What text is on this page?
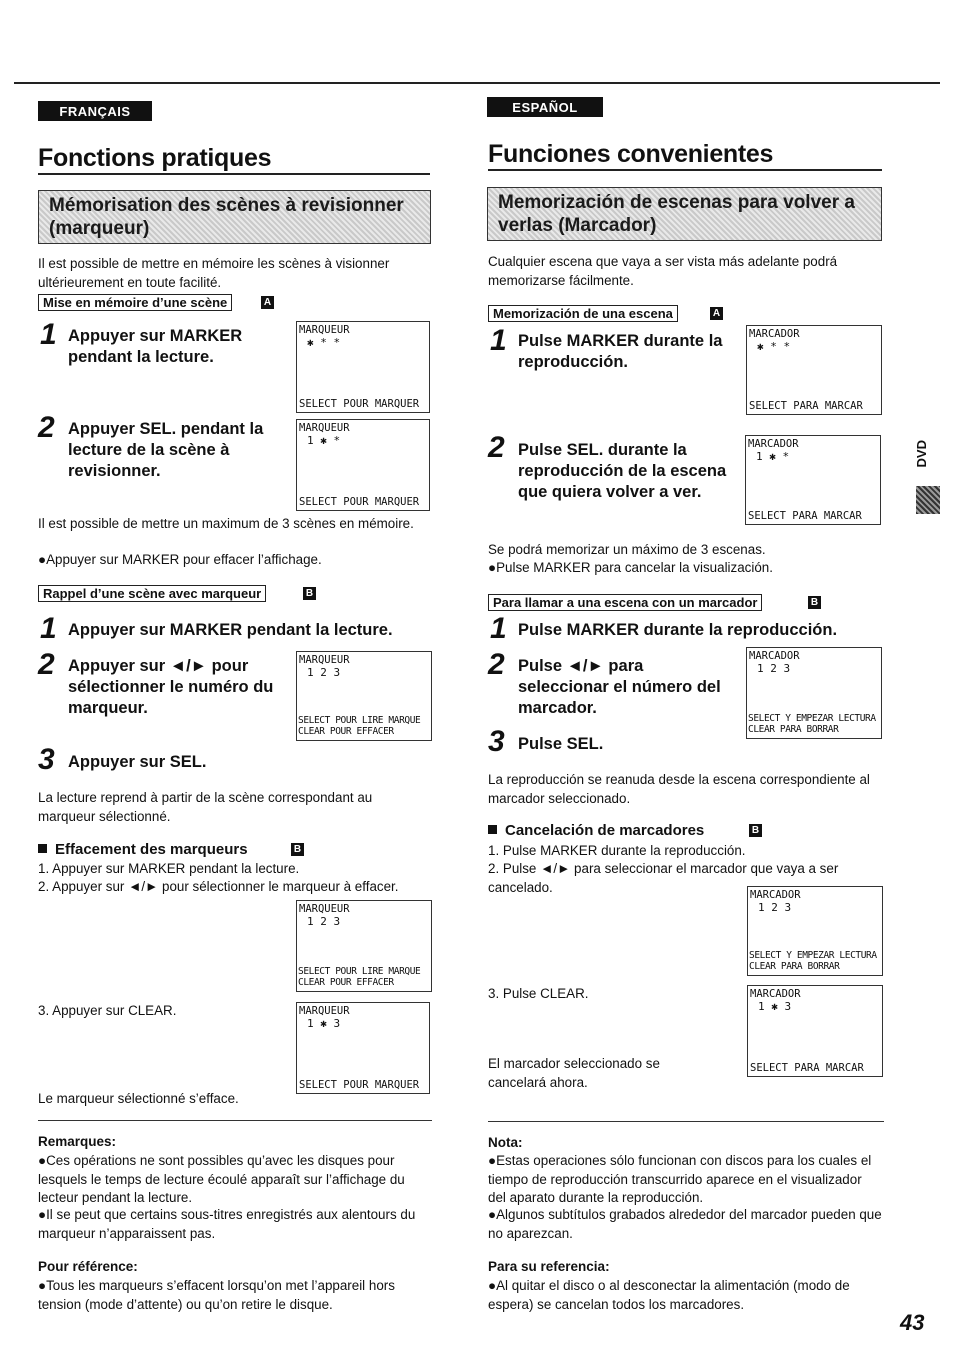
FRANÇAIS
Fonctions pratiques
Mémorisation des scènes à revisionner (marqueur)
Il est possible de mettre en mémoire les scènes à visionner ultérieurement en toute facilité.
Mise en mémoire d’une scène	A
1 Appuyer sur MARKER pendant la lecture.
MARQUEUR
✱ * *
SELECT POUR MARQUER
2 Appuyer SEL. pendant la lecture de la scène à revisionner.
MARQUEUR
1 ✱ *
SELECT POUR MARQUER
Il est possible de mettre un maximum de 3 scènes en mémoire.
●Appuyer sur MARKER pour effacer l’affichage.
Rappel d’une scène avec marqueur	B
1 Appuyer sur MARKER pendant la lecture.
2 Appuyer sur ◄/► pour sélectionner le numéro du marqueur.
MARQUEUR
1 2 3
SELECT POUR LIRE MARQUE
CLEAR POUR EFFACER
3 Appuyer sur SEL.
La lecture reprend à partir de la scène correspondant au marqueur sélectionné.
Effacement des marqueurs	B
1. Appuyer sur MARKER pendant la lecture.
2. Appuyer sur ◄/► pour sélectionner le marqueur à effacer.
MARQUEUR
1 2 3
SELECT POUR LIRE MARQUE
CLEAR POUR EFFACER
3. Appuyer sur CLEAR.	MARQUEUR
1 ✱ 3
SELECT POUR MARQUER
Le marqueur sélectionné s’efface.
Remarques:
●Ces opérations ne sont possibles qu’avec les disques pour lesquels le temps de lecture écoulé apparaît sur l’affichage du lecteur pendant la lecture.
●Il se peut que certains sous-titres enregistrés aux alentours du marqueur n’apparaissent pas.
Pour référence:
●Tous les marqueurs s’effacent lorsqu’on met l’appareil hors tension (mode d’attente) ou qu’on retire le disque.
ESPAÑOL
Funciones convenientes
Memorización de escenas para volver a verlas (Marcador)
Cualquier escena que vaya a ser vista más adelante podrá memorizarse fácilmente.
Memorización de una escena	A
1 Pulse MARKER durante la reproducción.
MARCADOR
✱ * *
SELECT PARA MARCAR
2 Pulse SEL. durante la reproducción de la escena que quiera volver a ver.
MARCADOR
1 ✱ *
SELECT PARA MARCAR
Se podrá memorizar un máximo de 3 escenas.
●Pulse MARKER para cancelar la visualización.
Para llamar a una escena con un marcador	B
1 Pulse MARKER durante la reproducción.
2 Pulse ◄/► para seleccionar el número del marcador.
MARCADOR
1 2 3
SELECT Y EMPEZAR LECTURA
CLEAR PARA BORRAR
3 Pulse SEL.
La reproducción se reanuda desde la escena correspondiente al marcador seleccionado.
Cancelación de marcadores	B
1. Pulse MARKER durante la reproducción.
2. Pulse ◄/► para seleccionar el marcador que vaya a ser cancelado.
MARCADOR
1 2 3
SELECT Y EMPEZAR LECTURA
CLEAR PARA BORRAR
3. Pulse CLEAR.	MARCADOR
1 ✱ 3
SELECT PARA MARCAR
El marcador seleccionado se cancelará ahora.
Nota:
●Estas operaciones sólo funcionan con discos para los cuales el tiempo de reproducción transcurrido aparece en el visualizador del aparato durante la reproducción.
●Algunos subtítulos grabados alrededor del marcador pueden que no aparezcan.
Para su referencia:
●Al quitar el disco o al desconectar la alimentación (modo de espera) se cancelan todos los marcadores.
DVD
43
